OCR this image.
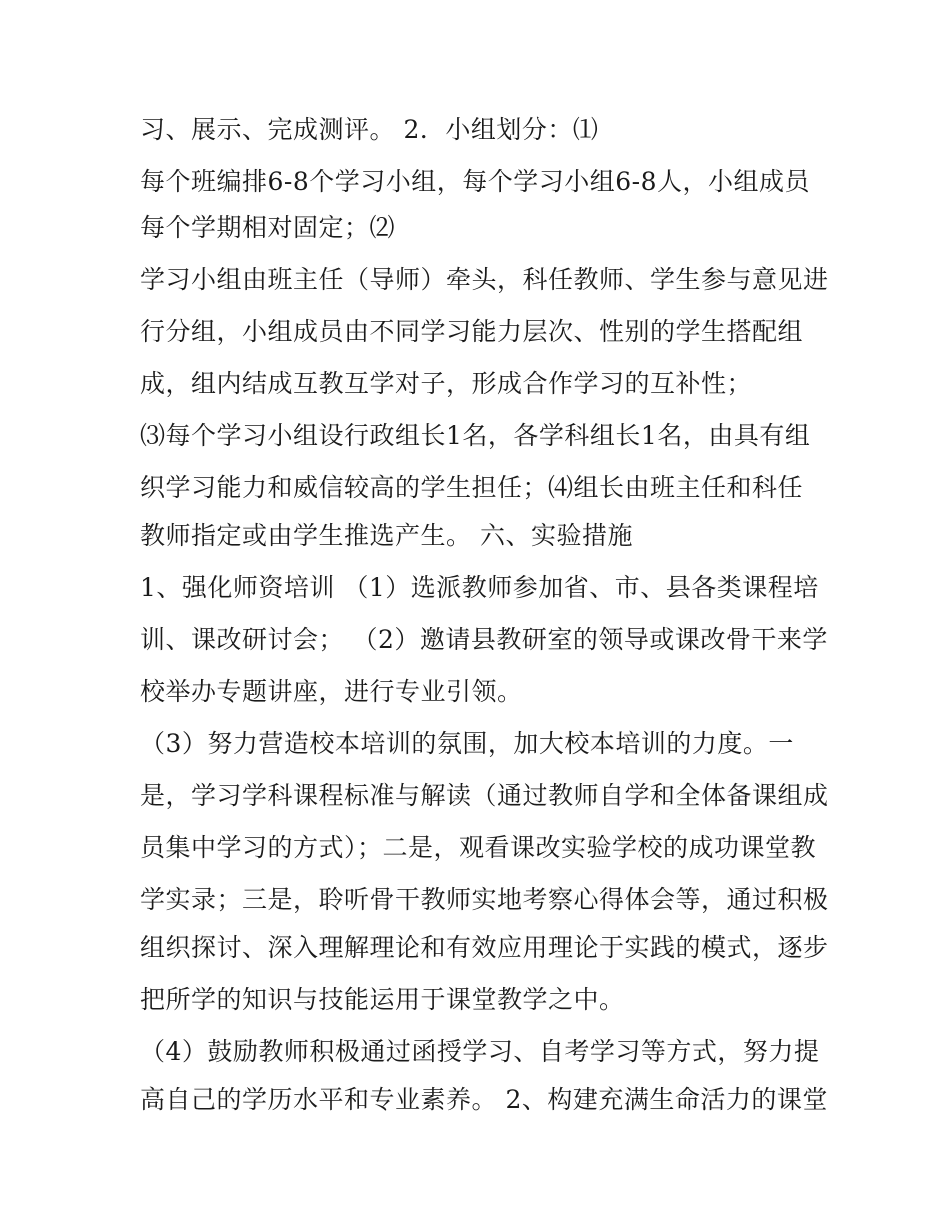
习、展示、完成测评。 2．小组划分：⑴
每个班编排6-8个学习小组，每个学习小组6-8人，小组成员
每个学期相对固定；⑵
学习小组由班主任（导师）牵头，科任教师、学生参与意见进
行分组，小组成员由不同学习能力层次、性别的学生搭配组
成，组内结成互教互学对子，形成合作学习的互补性；
⑶每个学习小组设行政组长1名，各学科组长1名，由具有组
织学习能力和威信较高的学生担任；⑷组长由班主任和科任
教师指定或由学生推选产生。 六、实验措施
1、强化师资培训 （1）选派教师参加省、市、县各类课程培
训、课改研讨会； （2）邀请县教研室的领导或课改骨干来学
校举办专题讲座，进行专业引领。
（3）努力营造校本培训的氛围，加大校本培训的力度。一
是，学习学科课程标准与解读（通过教师自学和全体备课组成
员集中学习的方式）；二是，观看课改实验学校的成功课堂教
学实录；三是，聆听骨干教师实地考察心得体会等，通过积极
组织探讨、深入理解理论和有效应用理论于实践的模式，逐步
把所学的知识与技能运用于课堂教学之中。
（4）鼓励教师积极通过函授学习、自考学习等方式，努力提
高自己的学历水平和专业素养。 2、构建充满生命活力的课堂
